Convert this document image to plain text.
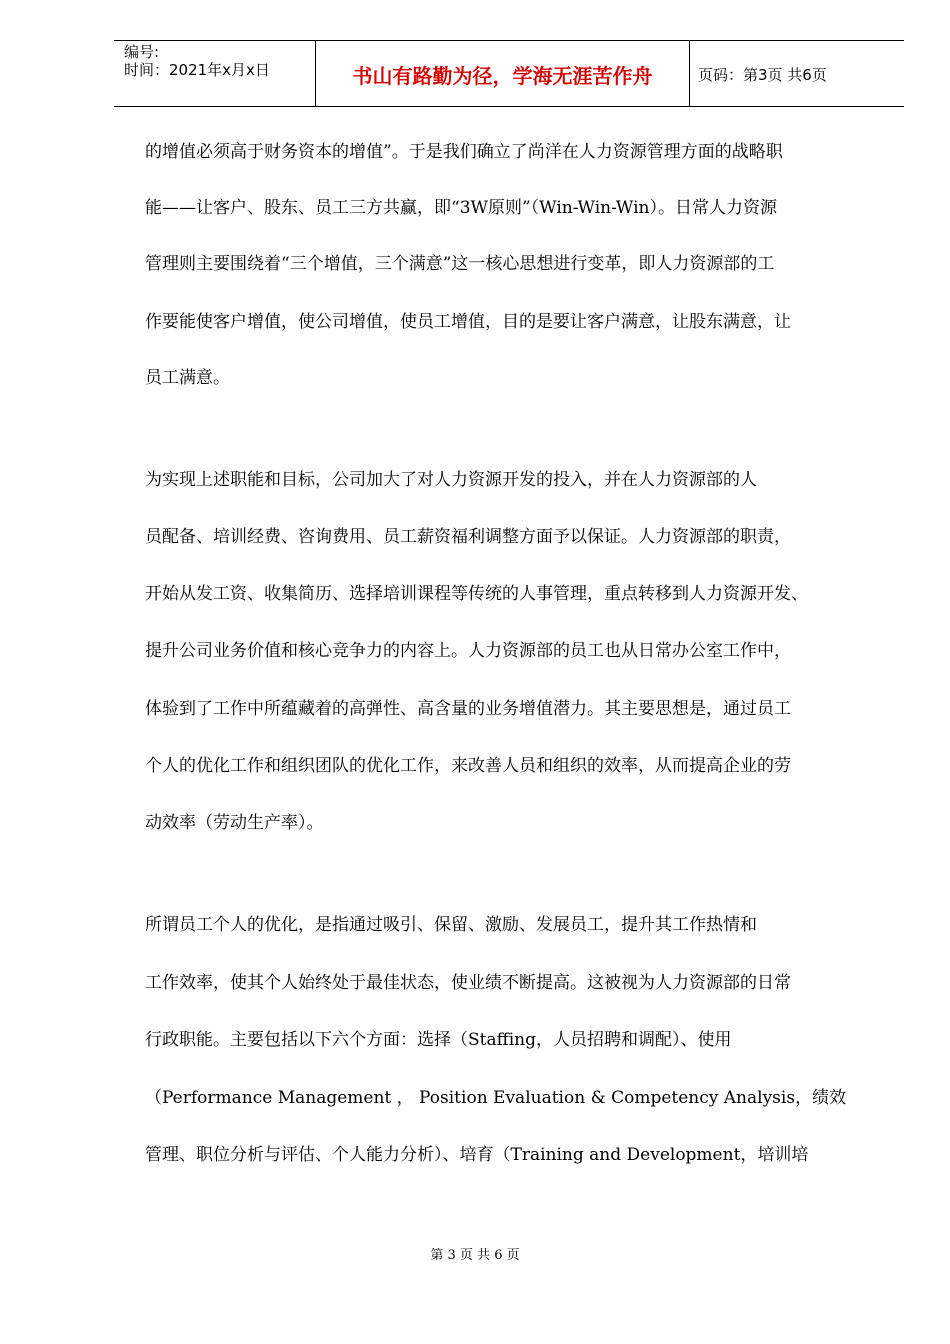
编号:
时间：2021年x月x日	书山有路勤为径，学海无涯苦作舟	页码：第3页 共6页
的增值必须高于财务资本的增值”。于是我们确立了尚洋在人力资源管理方面的战略职
能——让客户、股东、员工三方共赢，即“3W原则”（Win-Win-Win）。日常人力资源
管理则主要围绕着“三个增值，三个满意”这一核心思想进行变革，即人力资源部的工
作要能使客户增值，使公司增值，使员工增值，目的是要让客户满意，让股东满意，让
员工满意。
为实现上述职能和目标，公司加大了对人力资源开发的投入，并在人力资源部的人
员配备、培训经费、咨询费用、员工薪资福利调整方面予以保证。人力资源部的职责，
开始从发工资、收集简历、选择培训课程等传统的人事管理，重点转移到人力资源开发、
提升公司业务价值和核心竞争力的内容上。人力资源部的员工也从日常办公室工作中，
体验到了工作中所蕴藏着的高弹性、高含量的业务增值潜力。其主要思想是，通过员工
个人的优化工作和组织团队的优化工作，来改善人员和组织的效率，从而提高企业的劳
动效率（劳动生产率）。
所谓员工个人的优化，是指通过吸引、保留、激励、发展员工，提升其工作热情和
工作效率，使其个人始终处于最佳状态，使业绩不断提高。这被视为人力资源部的日常
行政职能。主要包括以下六个方面：选择（Staffing，人员招聘和调配）、使用
（Performance Management ， Position Evaluation & Competency Analysis，绩效
管理、职位分析与评估、个人能力分析）、培育（Training and Development，培训培
第 3 页 共 6 页
